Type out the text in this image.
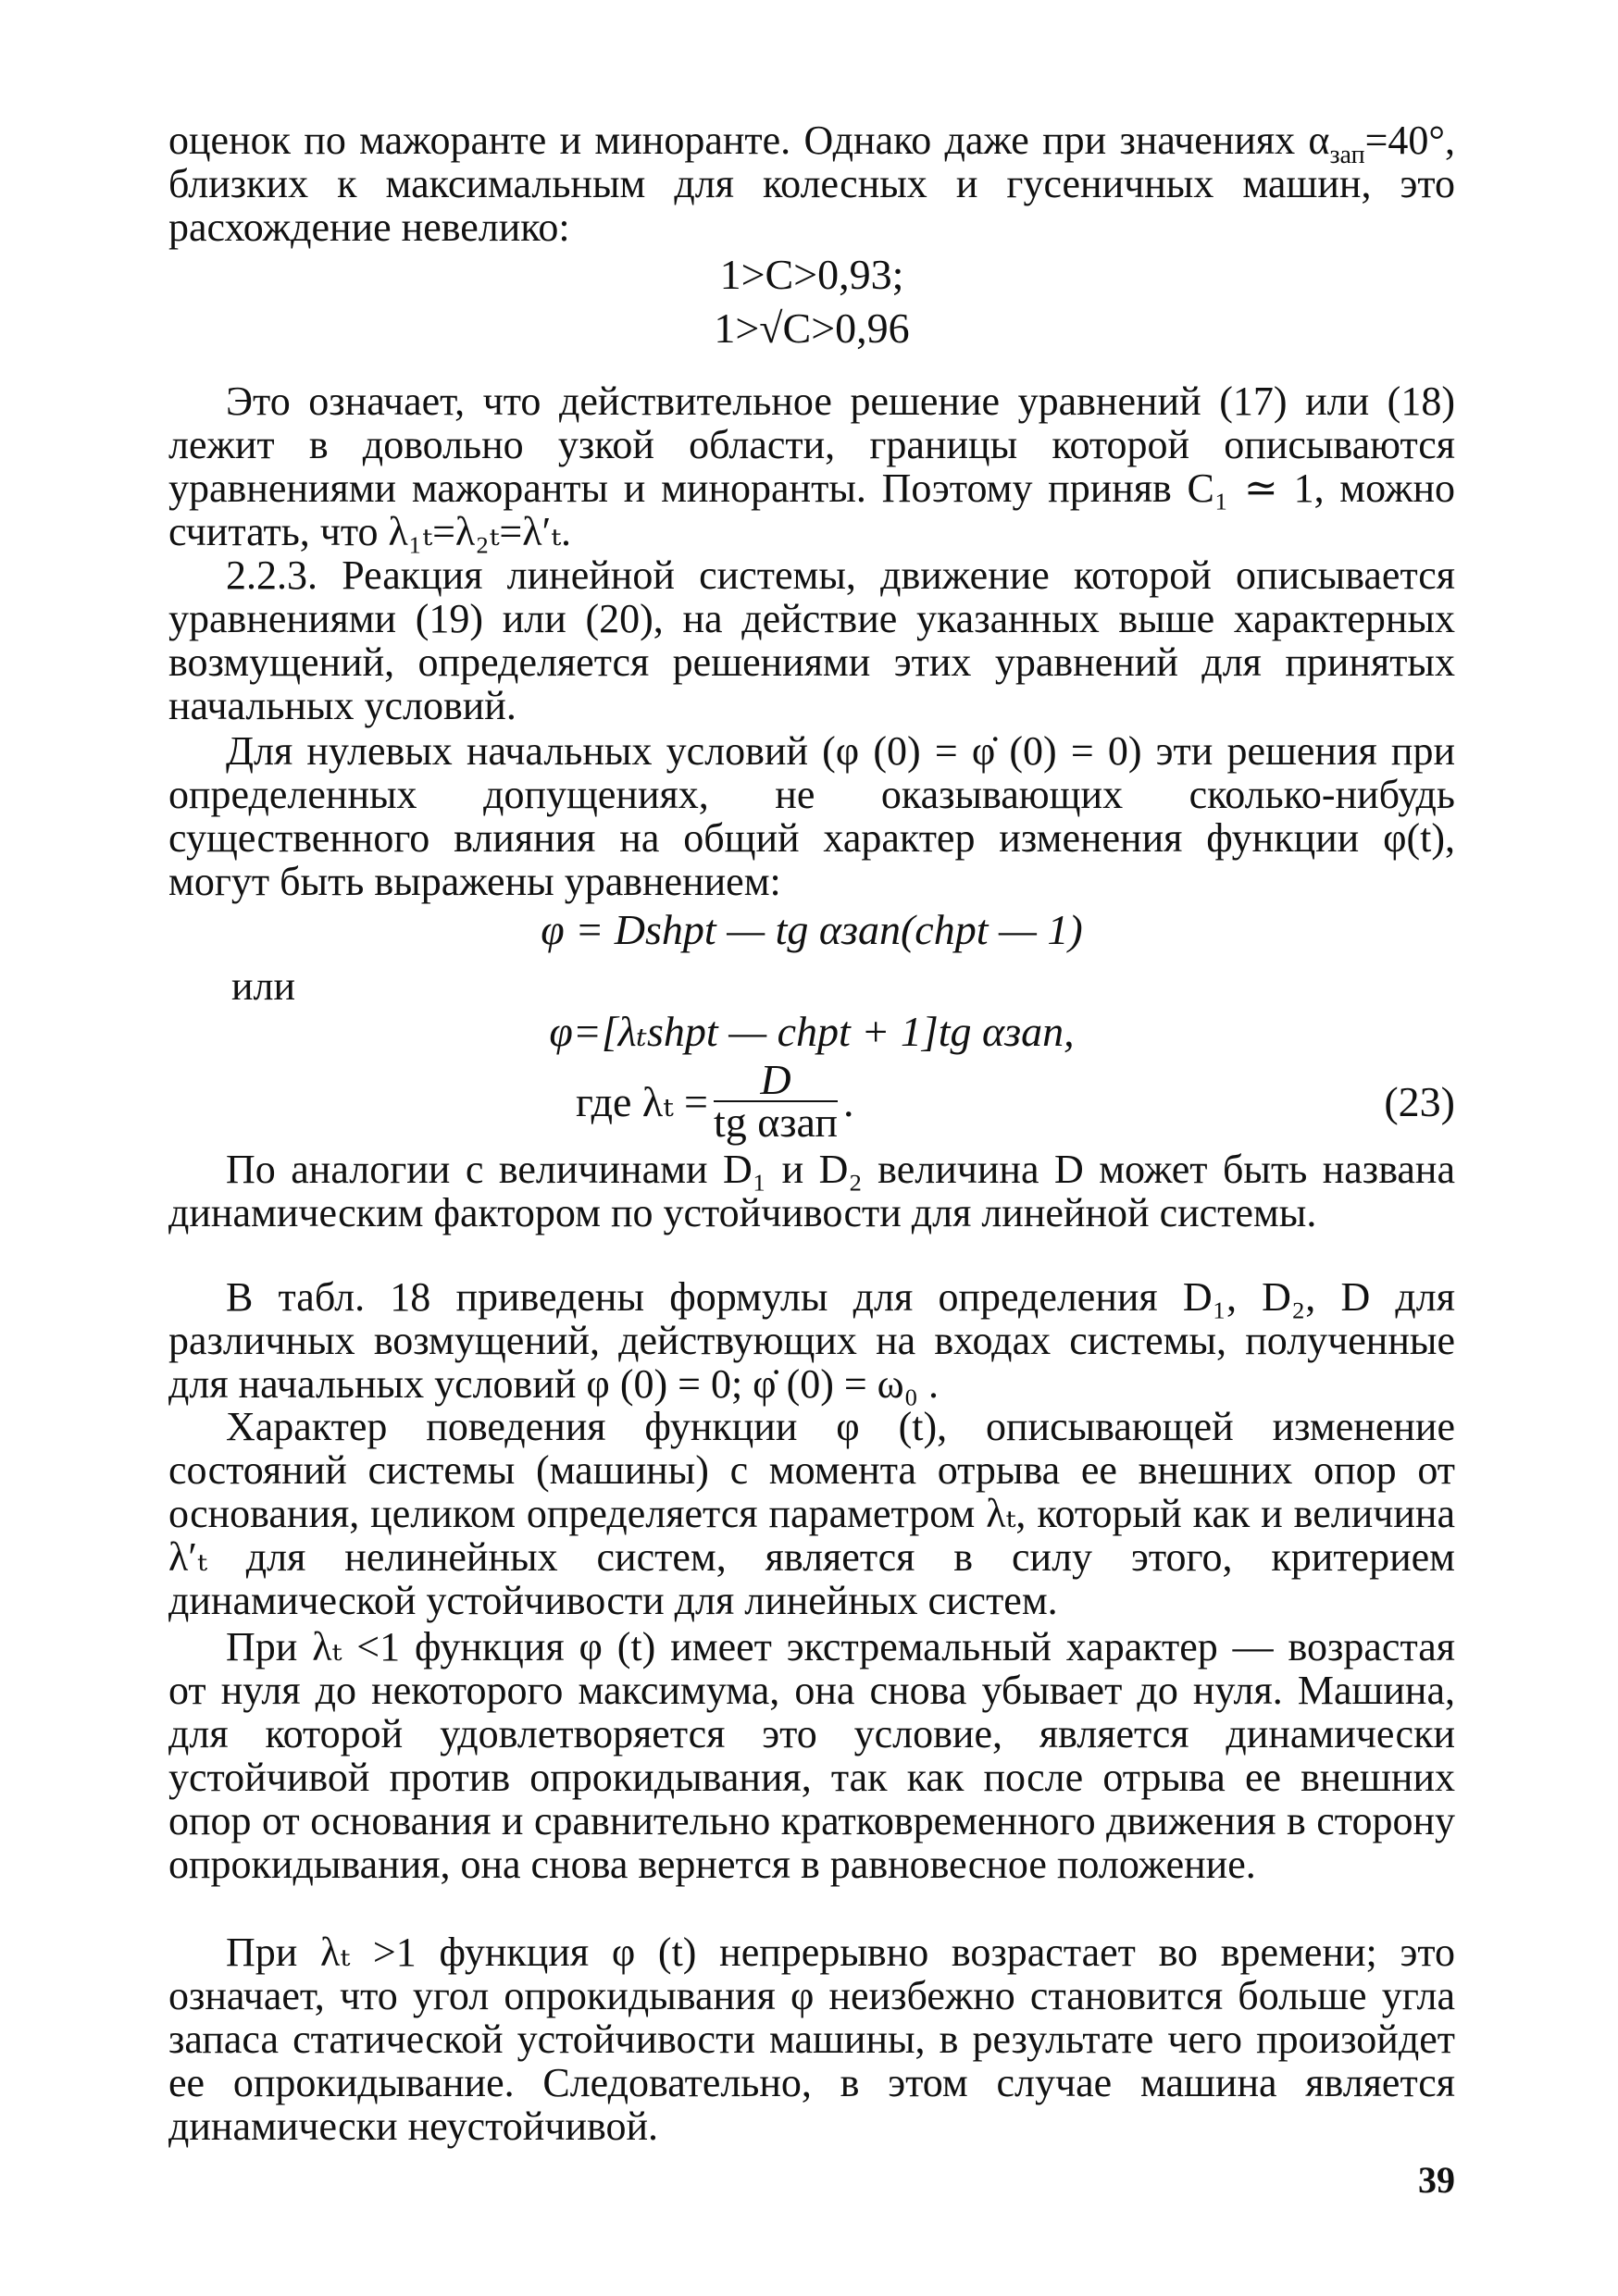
оценок по мажоранте и миноранте. Однако даже при значениях $\alpha_{зап}=40^\circ$, близких к максимальным для колесных и гусеничных машин, это расхождение невелико:

1>C>0,93;

1>√C>0,96

Это означает, что действительное решение уравнений (17) или (18) лежит в довольно узкой области, границы которой описываются уравнениями мажоранты и миноранты. Поэтому приняв C₁ ≃ 1, можно считать, что λ₁ₜ=λ₂ₜ=λ′ₜ.

2.2.3. Реакция линейной системы, движение которой описывается уравнениями (19) или (20), на действие указанных выше характерных возмущений, определяется решениями этих уравнений для принятых начальных условий.

Для нулевых начальных условий (φ (0) = φ̇ (0) = 0) эти решения при определенных допущениях, не оказывающих сколько-нибудь существенного влияния на общий характер изменения функции φ(t), могут быть выражены уравнением:

φ = Dshpt — tg αзап(chpt — 1)

или

φ=[λₜshpt — chpt + 1]tg αзап,

где $\lambda_t = \frac{D}{\text{tg αзап}}$ .	(23)

По аналогии с величинами D₁ и D₂ величина D может быть названа динамическим фактором по устойчивости для линейной системы.

В табл. 18 приведены формулы для определения D₁, D₂, D для различных возмущений, действующих на входах системы, полученные для начальных условий φ (0) = 0; φ̇ (0) = ω₀ .

Характер поведения функции φ (t), описывающей изменение состояний системы (машины) с момента отрыва ее внешних опор от основания, целиком определяется параметром λₜ, который как и величина λ′ₜ для нелинейных систем, является в силу этого, критерием динамической устойчивости для линейных систем.

При λₜ <1 функция φ (t) имеет экстремальный характер — возрастая от нуля до некоторого максимума, она снова убывает до нуля. Машина, для которой удовлетворяется это условие, является динамически устойчивой против опрокидывания, так как после отрыва ее внешних опор от основания и сравнительно кратковременного движения в сторону опрокидывания, она снова вернется в равновесное положение.

При λₜ >1 функция φ (t) непрерывно возрастает во времени; это означает, что угол опрокидывания φ неизбежно становится больше угла запаса статической устойчивости машины, в результате чего произойдет ее опрокидывание. Следовательно, в этом случае машина является динамически неустойчивой.

39
